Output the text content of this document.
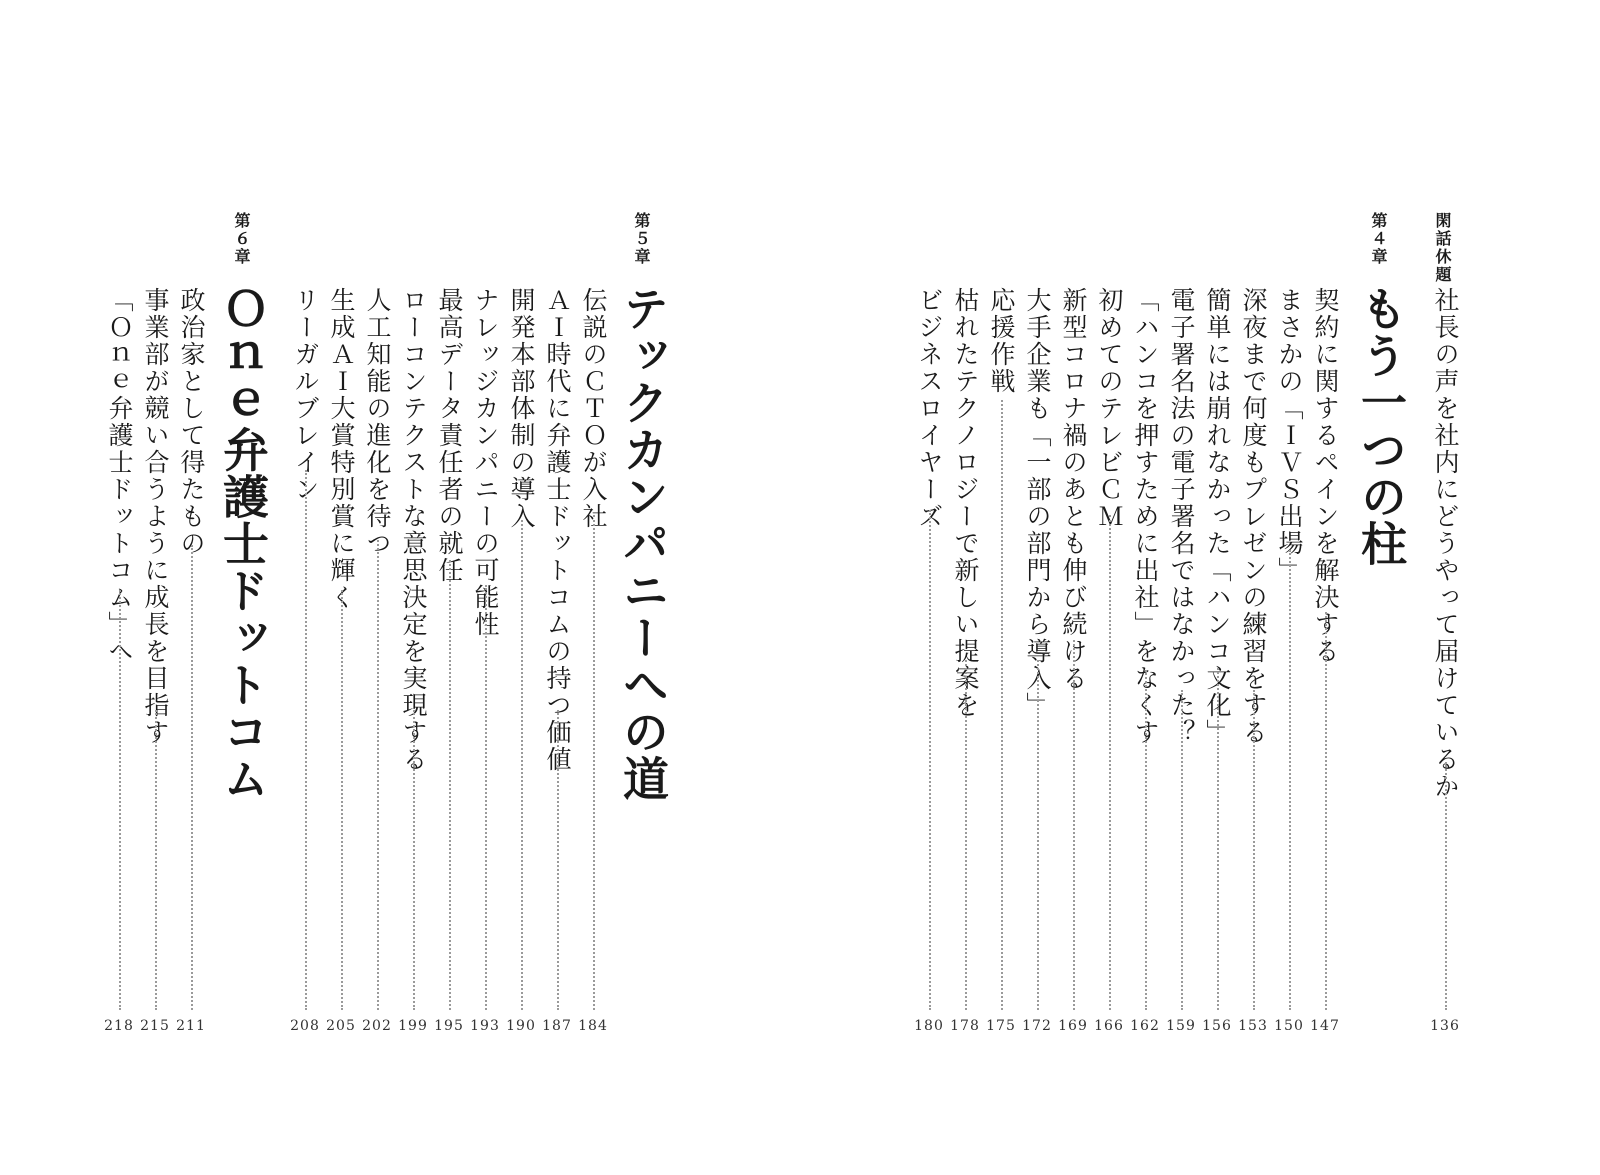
閑話休題
社長の声を社内にどうやって届けているか
136
第４章
もう一つの柱
契約に関するペインを解決する
147
まさかの「ＩＶＳ出場」
150
深夜まで何度もプレゼンの練習をする
153
簡単には崩れなかった「ハンコ文化」
156
電子署名法の電子署名ではなかった？
159
「ハンコを押すために出社」をなくす
162
初めてのテレビＣＭ
166
新型コロナ禍のあとも伸び続ける
169
大手企業も「一部の部門から導入」
172
応援作戦
175
枯れたテクノロジーで新しい提案を
178
ビジネスロイヤーズ
180
第５章
テックカンパニーへの道
伝説のＣＴＯが入社
184
ＡＩ時代に弁護士ドットコムの持つ価値
187
開発本部体制の導入
190
ナレッジカンパニーの可能性
193
最高データ責任者の就任
195
ローコンテクストな意思決定を実現する
199
人工知能の進化を待つ
202
生成ＡＩ大賞特別賞に輝く
205
リーガルブレイン
208
第６章
Ｏｎｅ弁護士ドットコム
政治家として得たもの
211
事業部が競い合うように成長を目指す
215
「Ｏｎｅ弁護士ドットコム」へ
218
